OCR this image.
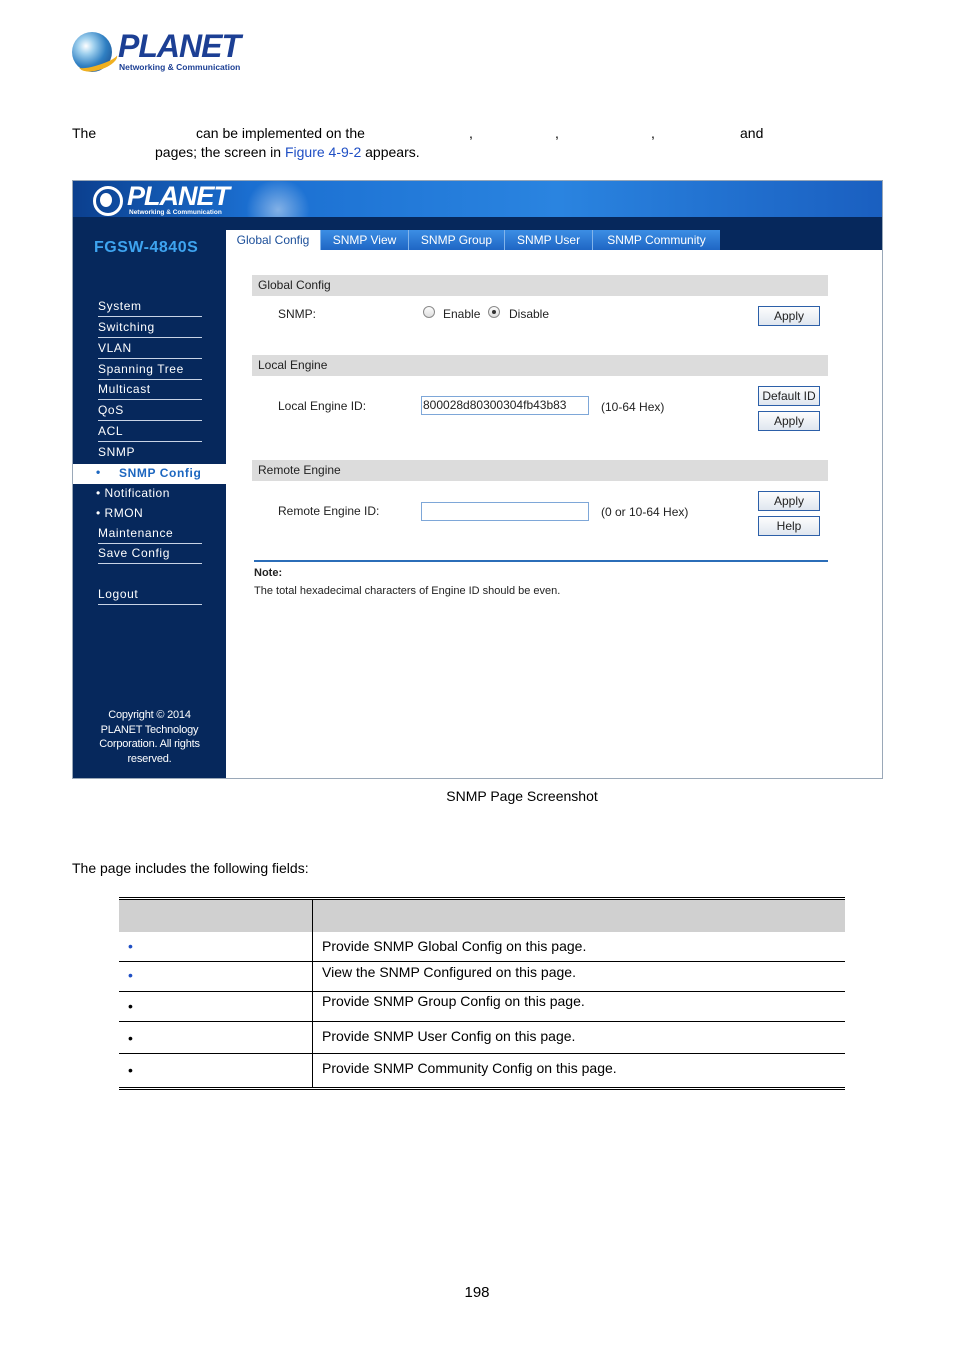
PLANET
Networking & Communication
The	can be implemented on the	,	,	,	and
pages; the screen in Figure 4-9-2 appears.
PLANET
Networking & Communication
FGSW-4840S
System
Switching
VLAN
Spanning Tree
Multicast
QoS
ACL
SNMP
• SNMP Config
• Notification
• RMON
Maintenance
Save Config
Logout
Copyright © 2014
PLANET Technology
Corporation. All rights
reserved.
Global Config	SNMP View	SNMP Group	SNMP User	SNMP Community
Global Config
SNMP:	Enable Disable	Apply
Local Engine
Local Engine ID:	800028d80300304fb43b83	(10-64 Hex)
Default ID
Apply
Remote Engine
Remote Engine ID:	(0 or 10-64 Hex)
Apply
Help
Note:
The total hexadecimal characters of Engine ID should be even.
SNMP Page Screenshot
The page includes the following fields:
•	Provide SNMP Global Config on this page.
•	View the SNMP Configured on this page.
•	Provide SNMP Group Config on this page.
•	Provide SNMP User Config on this page.
•	Provide SNMP Community Config on this page.
198
